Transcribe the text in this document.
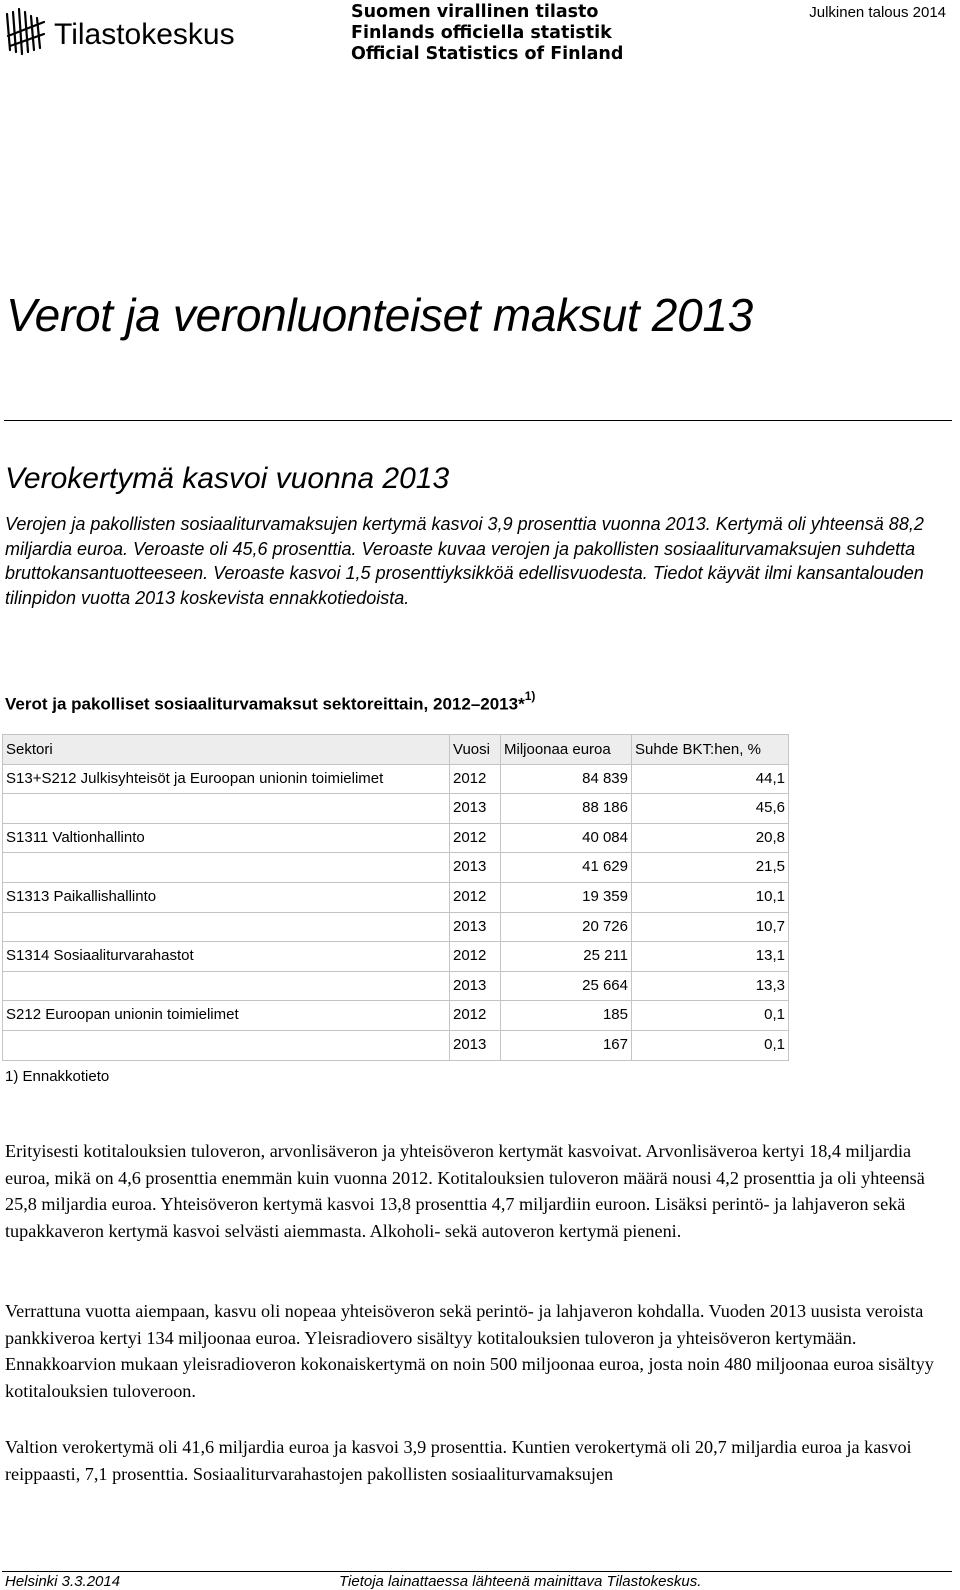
Tilastokeskus
Suomen virallinen tilasto
Finlands officiella statistik
Official Statistics of Finland
Julkinen talous 2014
Verot ja veronluonteiset maksut 2013
Verokertymä kasvoi vuonna 2013
Verojen ja pakollisten sosiaaliturvamaksujen kertymä kasvoi 3,9 prosenttia vuonna 2013. Kertymä oli yhteensä 88,2 miljardia euroa. Veroaste oli 45,6 prosenttia. Veroaste kuvaa verojen ja pakollisten sosiaaliturvamaksujen suhdetta bruttokansantuotteeseen. Veroaste kasvoi 1,5 prosenttiyksikköä edellisvuodesta. Tiedot käyvät ilmi kansantalouden tilinpidon vuotta 2013 koskevista ennakkotiedoista.
Verot ja pakolliset sosiaaliturvamaksut sektoreittain, 2012–2013*$^{1)}$
Sektori	Vuosi	Miljoonaa euroa	Suhde BKT:hen, %
S13+S212 Julkisyhteisöt ja Euroopan unionin toimielimet	2012	84 839	44,1
	2013	88 186	45,6
S1311 Valtionhallinto	2012	40 084	20,8
	2013	41 629	21,5
S1313 Paikallishallinto	2012	19 359	10,1
	2013	20 726	10,7
S1314 Sosiaaliturvarahastot	2012	25 211	13,1
	2013	25 664	13,3
S212 Euroopan unionin toimielimet	2012	185	0,1
	2013	167	0,1
1) Ennakkotieto
Erityisesti kotitalouksien tuloveron, arvonlisäveron ja yhteisöveron kertymät kasvoivat. Arvonlisäveroa kertyi 18,4 miljardia euroa, mikä on 4,6 prosenttia enemmän kuin vuonna 2012. Kotitalouksien tuloveron määrä nousi 4,2 prosenttia ja oli yhteensä 25,8 miljardia euroa. Yhteisöveron kertymä kasvoi 13,8 prosenttia 4,7 miljardiin euroon. Lisäksi perintö- ja lahjaveron sekä tupakkaveron kertymä kasvoi selvästi aiemmasta. Alkoholi- sekä autoveron kertymä pieneni.
Verrattuna vuotta aiempaan, kasvu oli nopeaa yhteisöveron sekä perintö- ja lahjaveron kohdalla. Vuoden 2013 uusista veroista pankkiveroa kertyi 134 miljoonaa euroa. Yleisradiovero sisältyy kotitalouksien tuloveron ja yhteisöveron kertymään. Ennakkoarvion mukaan yleisradioveron kokonaiskertymä on noin 500 miljoonaa euroa, josta noin 480 miljoonaa euroa sisältyy kotitalouksien tuloveroon.
Valtion verokertymä oli 41,6 miljardia euroa ja kasvoi 3,9 prosenttia. Kuntien verokertymä oli 20,7 miljardia euroa ja kasvoi reippaasti, 7,1 prosenttia. Sosiaaliturvarahastojen pakollisten sosiaaliturvamaksujen
Helsinki 3.3.2014	Tietoja lainattaessa lähteenä mainittava Tilastokeskus.
